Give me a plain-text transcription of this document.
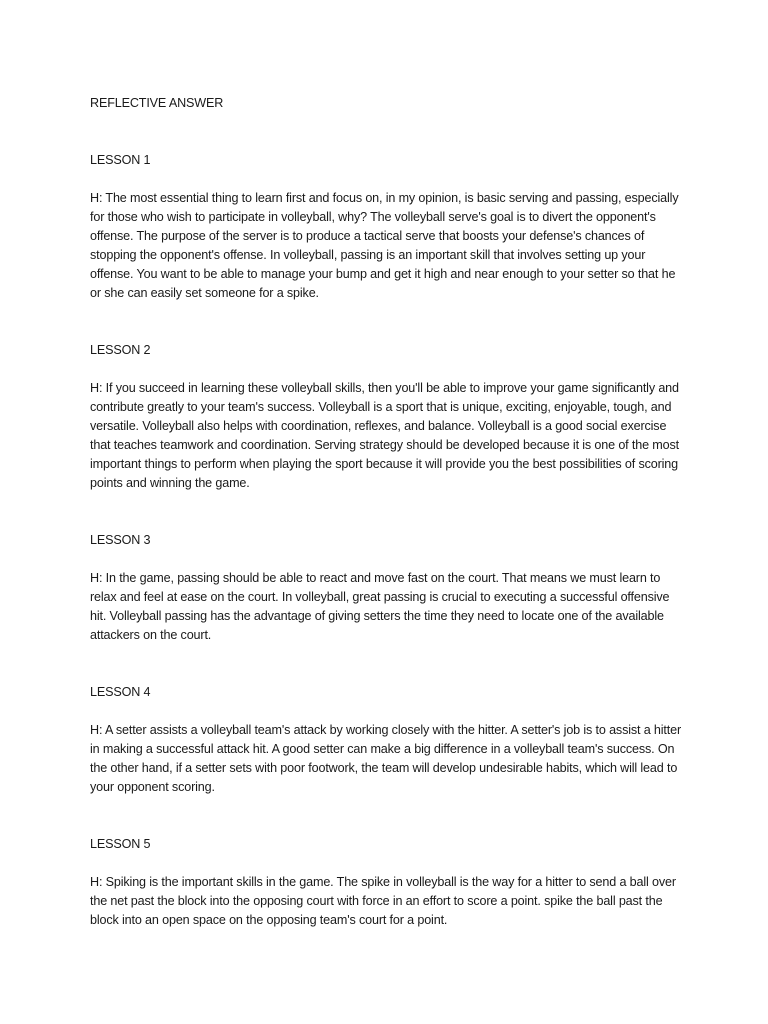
REFLECTIVE ANSWER
LESSON 1

H: The most essential thing to learn first and focus on, in my opinion, is basic serving and passing, especially for those who wish to participate in volleyball, why? The volleyball serve's goal is to divert the opponent's offense. The purpose of the server is to produce a tactical serve that boosts your defense's chances of stopping the opponent's offense. In volleyball, passing is an important skill that involves setting up your offense. You want to be able to manage your bump and get it high and near enough to your setter so that he or she can easily set someone for a spike.

LESSON 2

H: If you succeed in learning these volleyball skills, then you'll be able to improve your game significantly and contribute greatly to your team's success. Volleyball is a sport that is unique, exciting, enjoyable, tough, and versatile. Volleyball also helps with coordination, reflexes, and balance. Volleyball is a good social exercise that teaches teamwork and coordination. Serving strategy should be developed because it is one of the most important things to perform when playing the sport because it will provide you the best possibilities of scoring points and winning the game.

LESSON 3

H: In the game, passing should be able to react and move fast on the court. That means we must learn to relax and feel at ease on the court. In volleyball, great passing is crucial to executing a successful offensive hit. Volleyball passing has the advantage of giving setters the time they need to locate one of the available attackers on the court.

LESSON 4

H: A setter assists a volleyball team's attack by working closely with the hitter. A setter's job is to assist a hitter in making a successful attack hit. A good setter can make a big difference in a volleyball team's success. On the other hand, if a setter sets with poor footwork, the team will develop undesirable habits, which will lead to your opponent scoring.

LESSON 5

H: Spiking is the important skills in the game. The spike in volleyball is the way for a hitter to send a ball over the net past the block into the opposing court with force in an effort to score a point. spike the ball past the block into an open space on the opposing team's court for a point.
